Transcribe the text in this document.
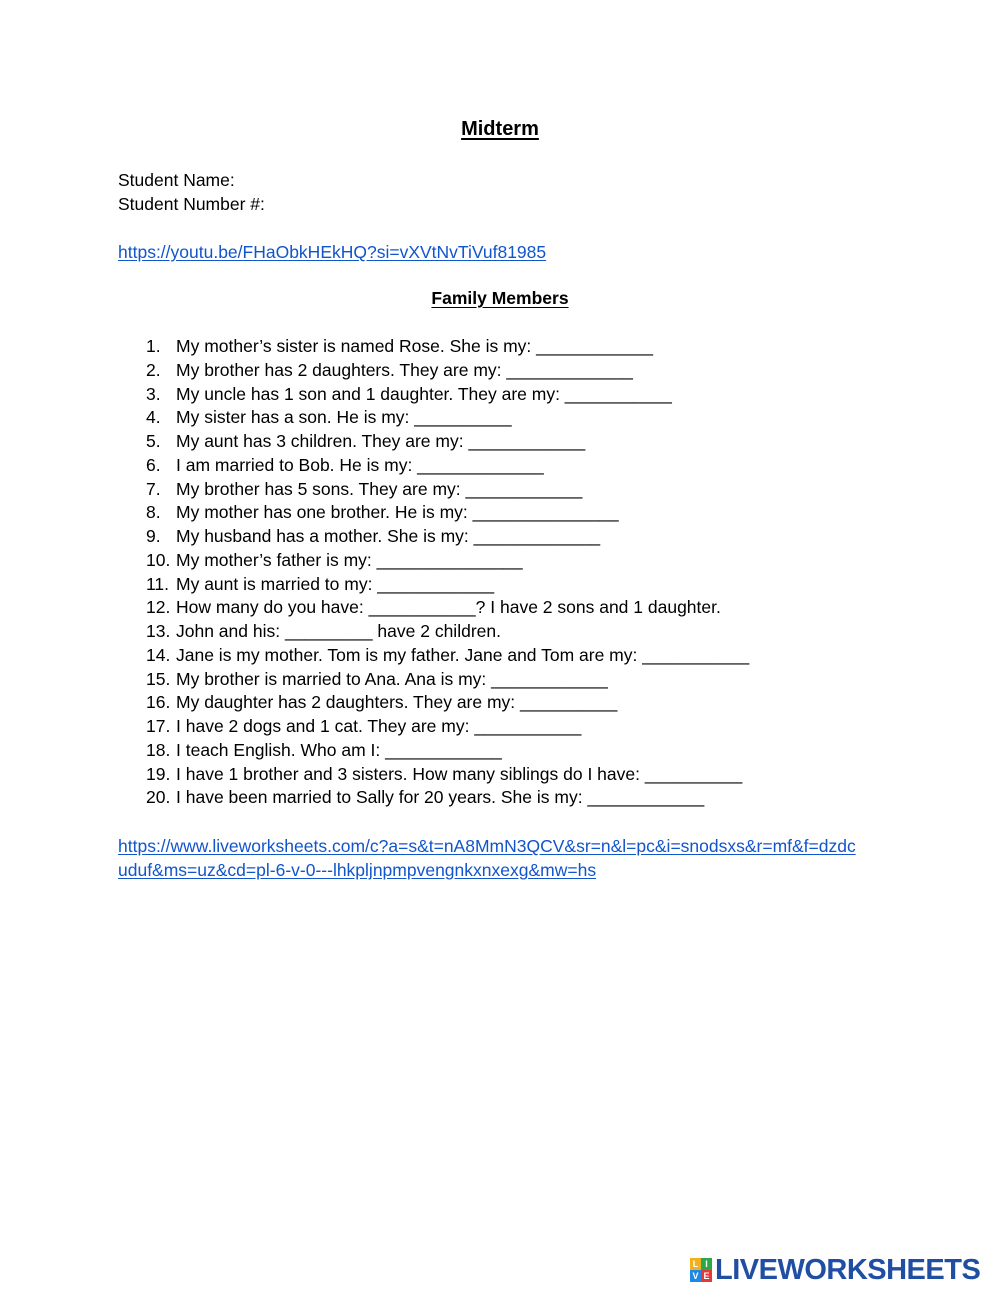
Midterm
Student Name:
Student Number #:
https://youtu.be/FHaObkHEkHQ?si=vXVtNvTiVuf81985
Family Members
1. My mother’s sister is named Rose. She is my: ____________
2. My brother has 2 daughters. They are my: _____________
3. My uncle has 1 son and 1 daughter. They are my: ___________
4. My sister has a son. He is my: __________
5. My aunt has 3 children. They are my: ____________
6. I am married to Bob. He is my: _____________
7. My brother has 5 sons. They are my: ____________
8. My mother has one brother. He is my: _______________
9. My husband has a mother. She is my: _____________
10. My mother’s father is my: _______________
11. My aunt is married to my: ____________
12. How many do you have: ___________? I have 2 sons and 1 daughter.
13. John and his: _________ have 2 children.
14. Jane is my mother. Tom is my father. Jane and Tom are my: ___________
15. My brother is married to Ana. Ana is my: ____________
16. My daughter has 2 daughters. They are my: __________
17. I have 2 dogs and 1 cat. They are my: ___________
18. I teach English. Who am I: ____________
19. I have 1 brother and 3 sisters. How many siblings do I have: __________
20. I have been married to Sally for 20 years. She is my: ____________
https://www.liveworksheets.com/c?a=s&t=nA8MmN3QCV&sr=n&l=pc&i=snodsxs&r=mf&f=dzdc
uduf&ms=uz&cd=pl-6-v-0---lhkpljnpmpvengnkxnxexg&mw=hs
L I
V E LIVEWORKSHEETS
